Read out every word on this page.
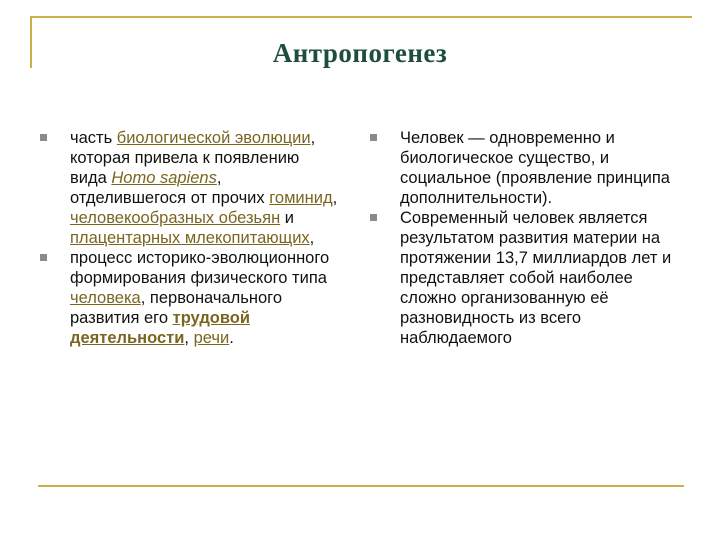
Антропогенез
часть биологической эволюции, которая привела к появлению вида Homo sapiens, отделившегося от прочих гоминид, человекообразных обезьян и плацентарных млекопитающих,
процесс историко-эволюционного формирования физического типа человека, первоначального развития его трудовой деятельности, речи.
Человек — одновременно и биологическое существо, и социальное (проявление принципа дополнительности).
Современный человек является результатом развития материи на протяжении 13,7 миллиардов лет и представляет собой наиболее сложно организованную её разновидность из всего наблюдаемого
